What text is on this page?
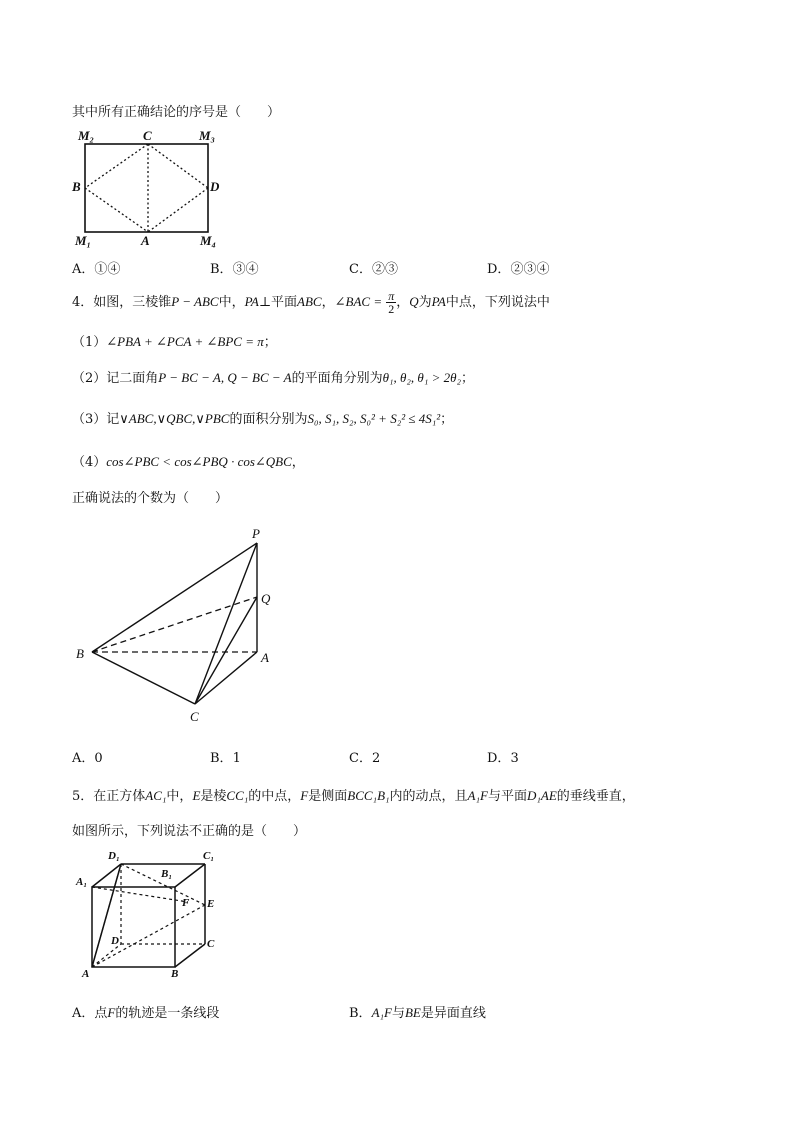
其中所有正确结论的序号是（　　）
M₂	C	M₃
B	D
M₁	A	M₄
A．①④	B．③④	C．②③	D．②③④
4．如图，三棱锥P − ABC中，PA⊥平面ABC，∠BAC = $\frac{\pi}{2}$ ，Q为PA中点，下列说法中
（1）∠PBA + ∠PCA + ∠BPC = π；
（2）记二面角P − BC − A, Q − BC − A的平面角分别为θ₁, θ₂, θ₁ > 2θ₂；
（3）记∨ABC,∨QBC,∨PBC的面积分别为S₀, S₁, S₂, S₀² + S₂² ≤ 4S₁²；
（4）cos∠PBC < cos∠PBQ · cos∠QBC，
正确说法的个数为（　　）
P
Q
B	A
C
A．0	B．1	C．2	D．3
5．在正方体AC₁中，E是棱CC₁的中点，F是侧面BCC₁B₁内的动点，且A₁F与平面D₁AE的垂线垂直，
如图所示，下列说法不正确的是（　　）
D₁	C₁
A₁
B₁
F E
D	C
A	B
A．点F的轨迹是一条线段	B．A₁F与BE是异面直线
